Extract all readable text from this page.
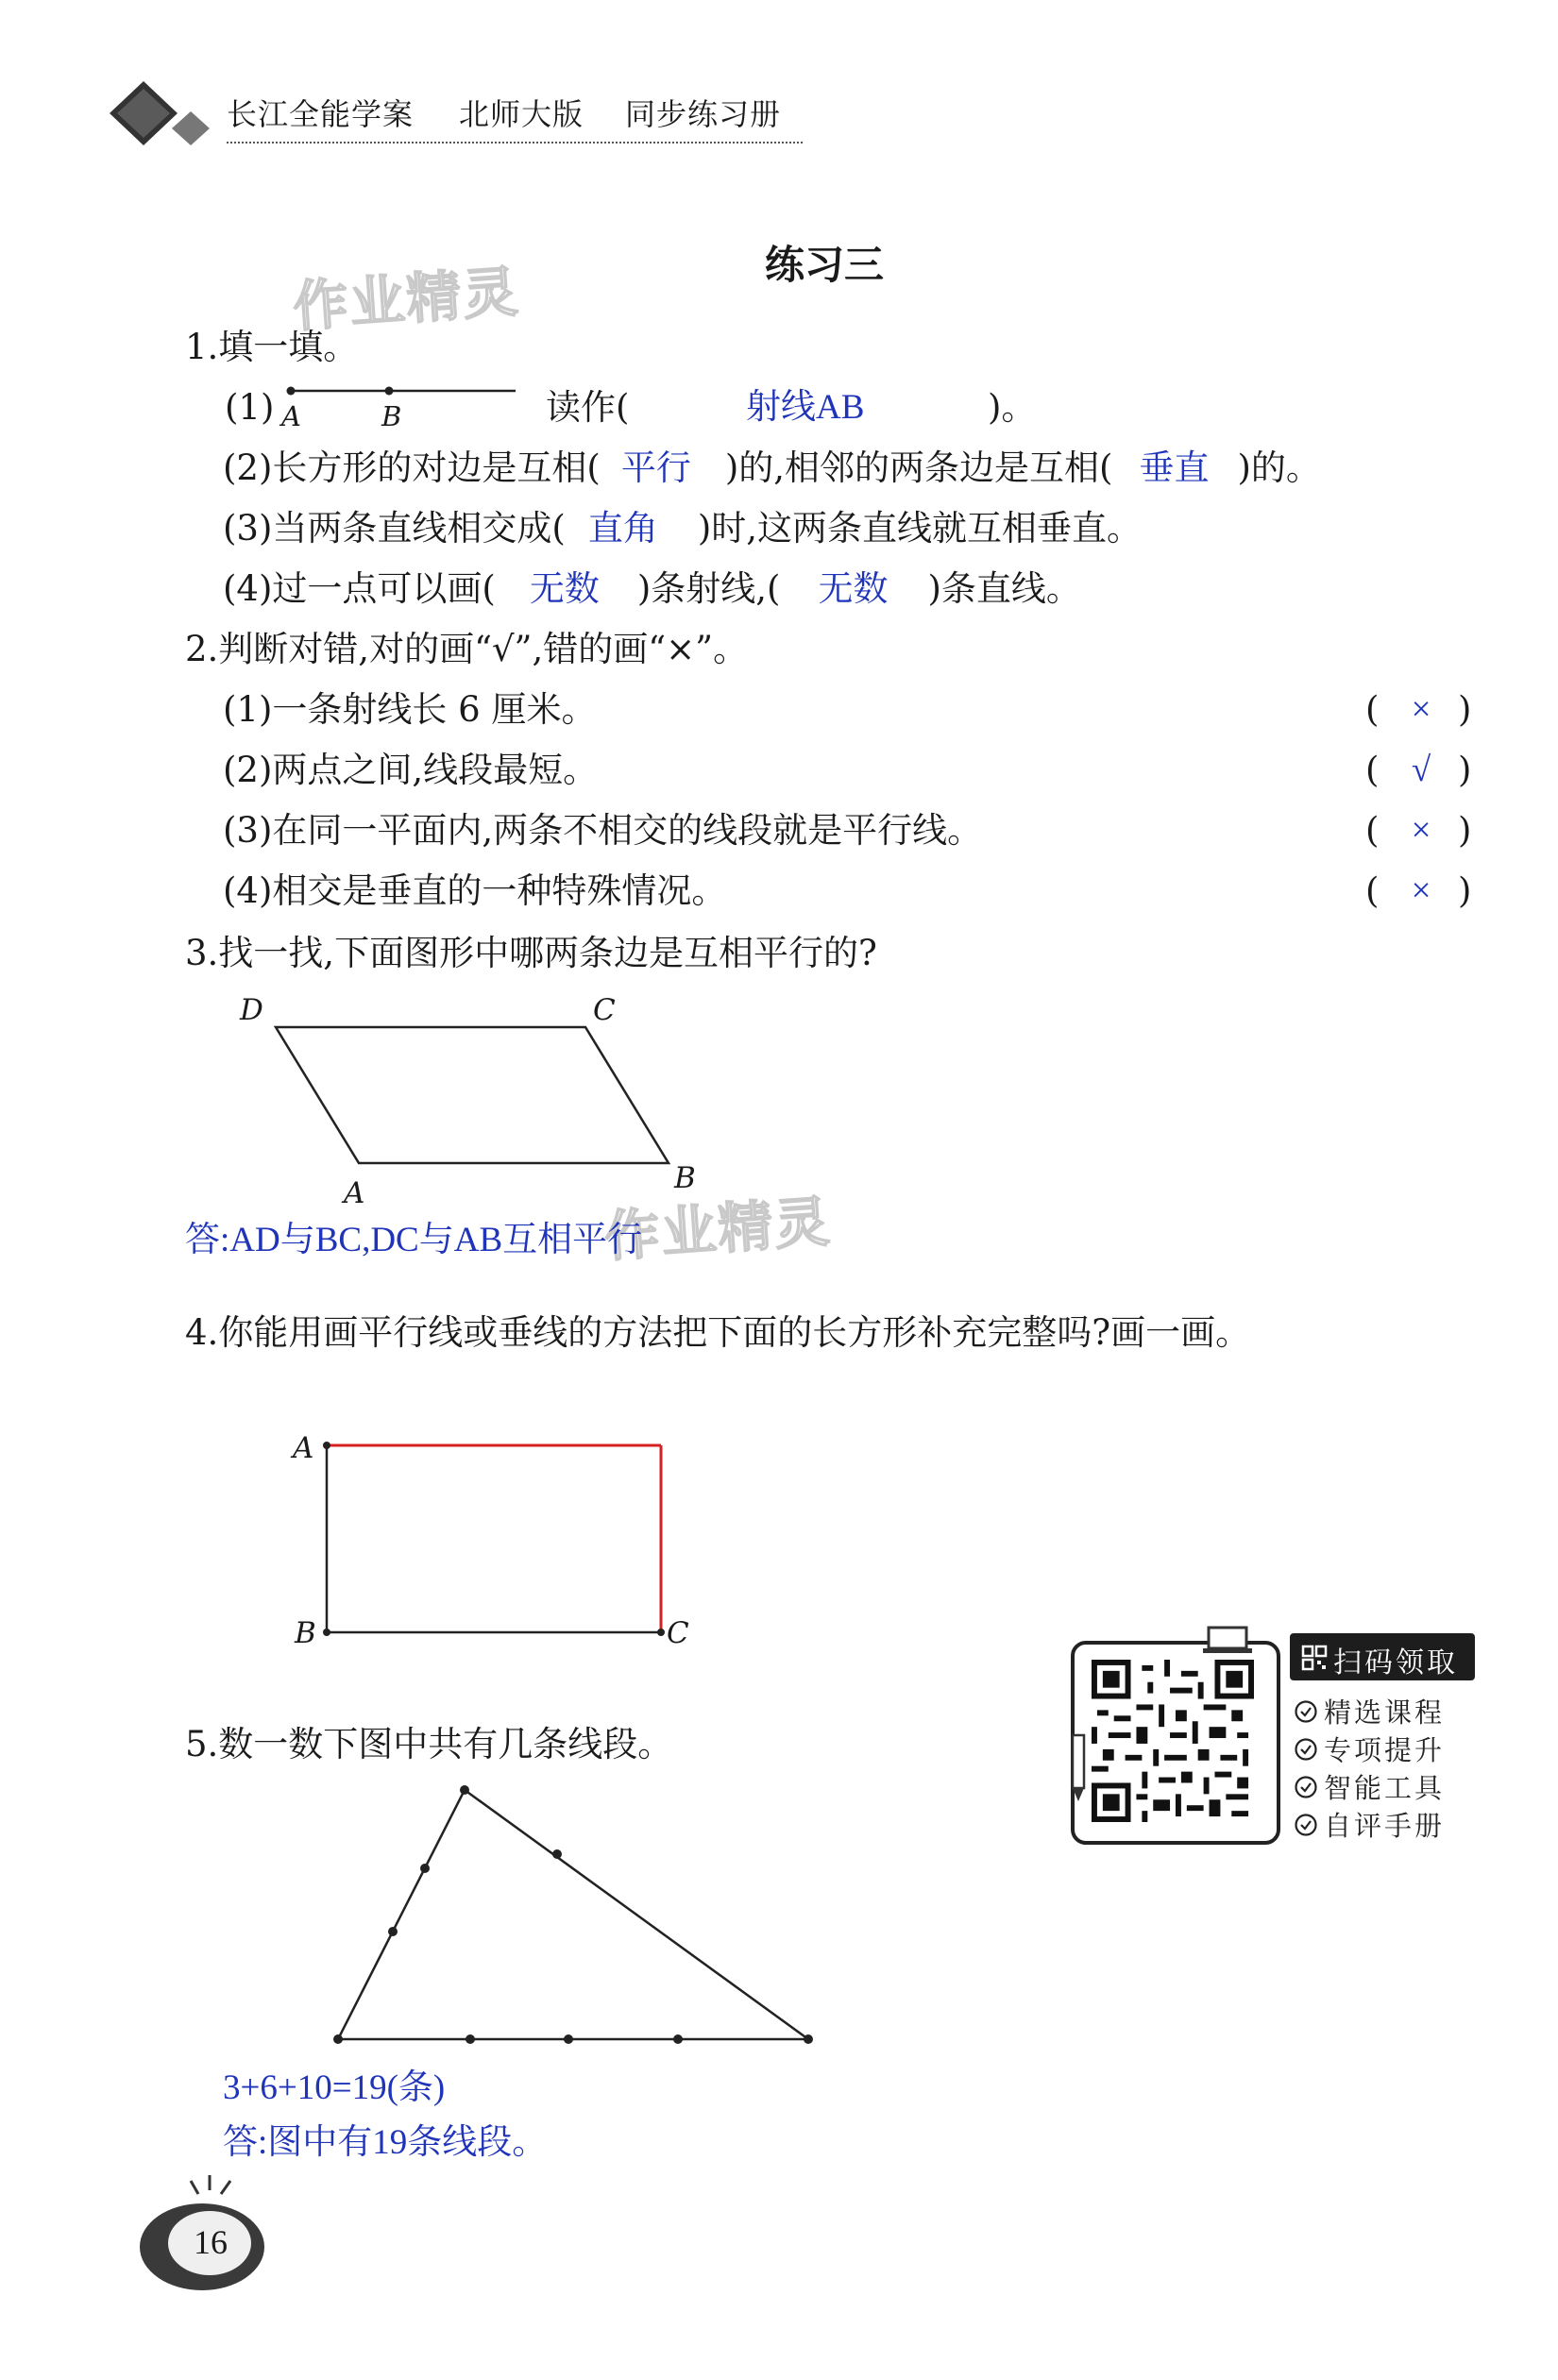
长江全能学案 北师大版 同步练习册
练习三
作业精灵
作业精灵
1.填一填。
(1) A	B	读作(	射线AB	)。
(2)长方形的对边是互相( 平行 )的,相邻的两条边是互相( 垂直 )的。
(3)当两条直线相交成( 直角 )时,这两条直线就互相垂直。
(4)过一点可以画( 无数 )条射线,( 无数 )条直线。
2.判断对错,对的画“√”,错的画“×”。
(1)一条射线长 6 厘米。	( × )
(2)两点之间,线段最短。	( √ )
(3)在同一平面内,两条不相交的线段就是平行线。	( × )
(4)相交是垂直的一种特殊情况。	( × )
3.找一找,下面图形中哪两条边是互相平行的?
D	C
A	B
答:AD与BC,DC与AB互相平行
4.你能用画平行线或垂线的方法把下面的长方形补充完整吗?画一画。
A
B	C
扫码领取
精选课程
专项提升
智能工具
自评手册
5.数一数下图中共有几条线段。
3+6+10=19(条)
答:图中有19条线段。
16
